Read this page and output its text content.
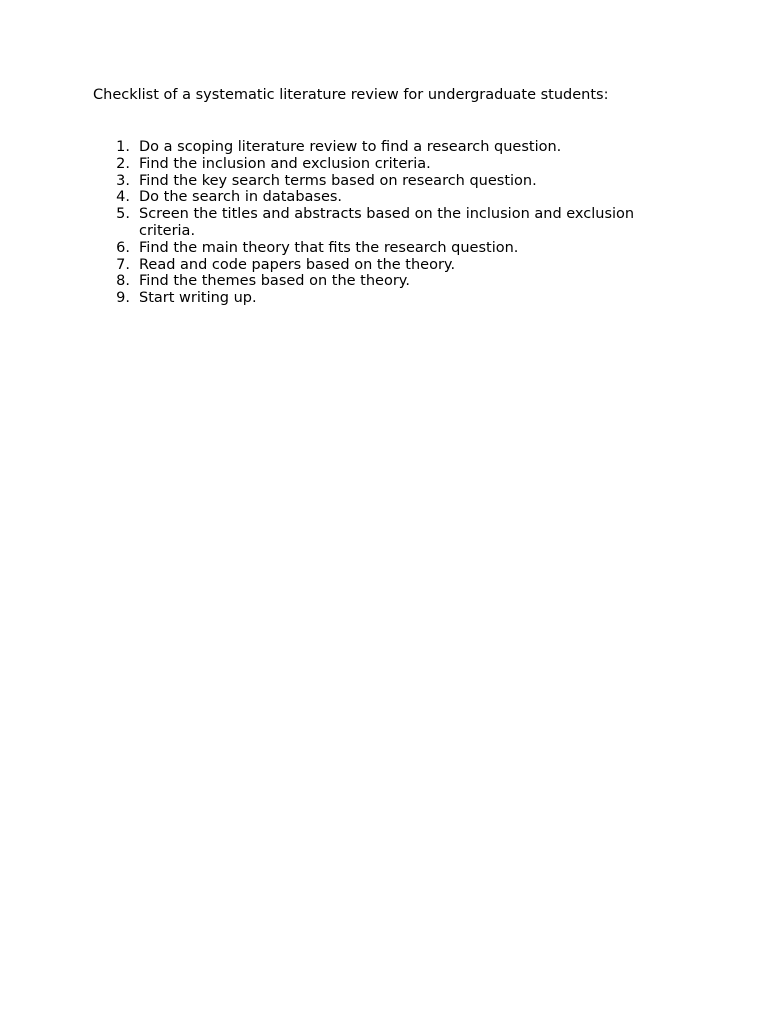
Checklist of a systematic literature review for undergraduate students:
1. Do a scoping literature review to find a research question.
2. Find the inclusion and exclusion criteria.
3. Find the key search terms based on research question.
4. Do the search in databases.
5. Screen the titles and abstracts based on the inclusion and exclusion criteria.
6. Find the main theory that fits the research question.
7. Read and code papers based on the theory.
8. Find the themes based on the theory.
9. Start writing up.
